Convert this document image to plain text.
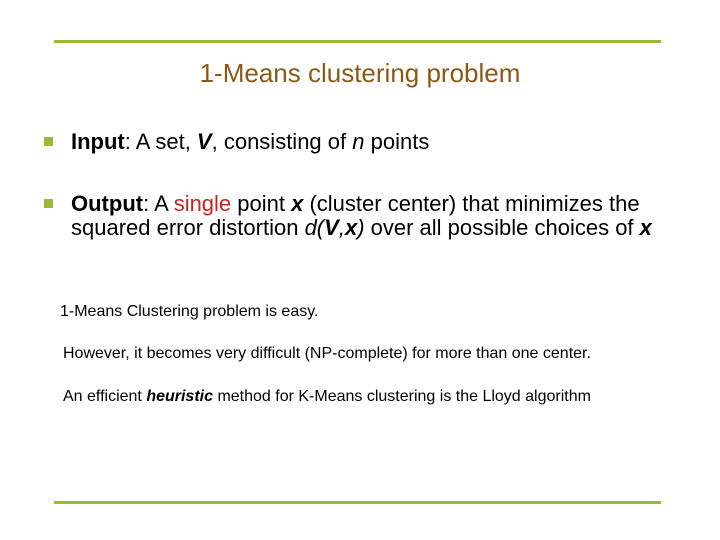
1-Means clustering problem
Input: A set, V, consisting of n points
Output: A single point x (cluster center) that minimizes the squared error distortion d(V,x) over all possible choices of x
1-Means Clustering problem is easy.
However, it becomes very difficult (NP-complete) for more than one center.
An efficient heuristic method for K-Means clustering is the Lloyd algorithm
